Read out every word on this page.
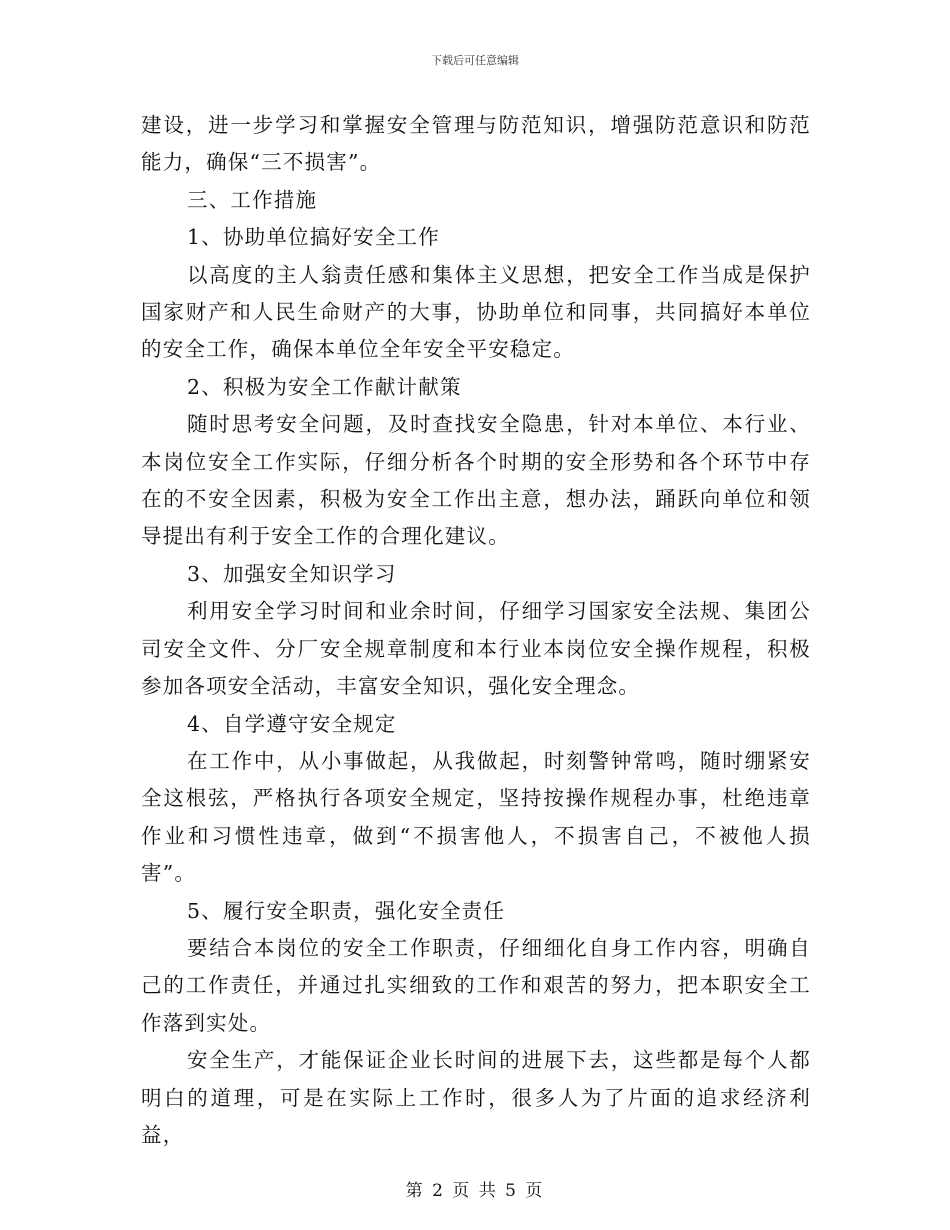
下载后可任意编辑

建设，进一步学习和掌握安全管理与防范知识，增强防范意识和防范能力，确保“三不损害”。

三、工作措施

1、协助单位搞好安全工作

以高度的主人翁责任感和集体主义思想，把安全工作当成是保护国家财产和人民生命财产的大事，协助单位和同事，共同搞好本单位的安全工作，确保本单位全年安全平安稳定。

2、积极为安全工作献计献策

随时思考安全问题，及时查找安全隐患，针对本单位、本行业、本岗位安全工作实际，仔细分析各个时期的安全形势和各个环节中存在的不安全因素，积极为安全工作出主意，想办法，踊跃向单位和领导提出有利于安全工作的合理化建议。

3、加强安全知识学习

利用安全学习时间和业余时间，仔细学习国家安全法规、集团公司安全文件、分厂安全规章制度和本行业本岗位安全操作规程，积极参加各项安全活动，丰富安全知识，强化安全理念。

4、自学遵守安全规定

在工作中，从小事做起，从我做起，时刻警钟常鸣，随时绷紧安全这根弦，严格执行各项安全规定，坚持按操作规程办事，杜绝违章作业和习惯性违章，做到“不损害他人，不损害自己，不被他人损害”。

5、履行安全职责，强化安全责任

要结合本岗位的安全工作职责，仔细细化自身工作内容，明确自己的工作责任，并通过扎实细致的工作和艰苦的努力，把本职安全工作落到实处。

安全生产，才能保证企业长时间的进展下去，这些都是每个人都明白的道理，可是在实际上工作时，很多人为了片面的追求经济利益，

第 2 页 共 5 页
